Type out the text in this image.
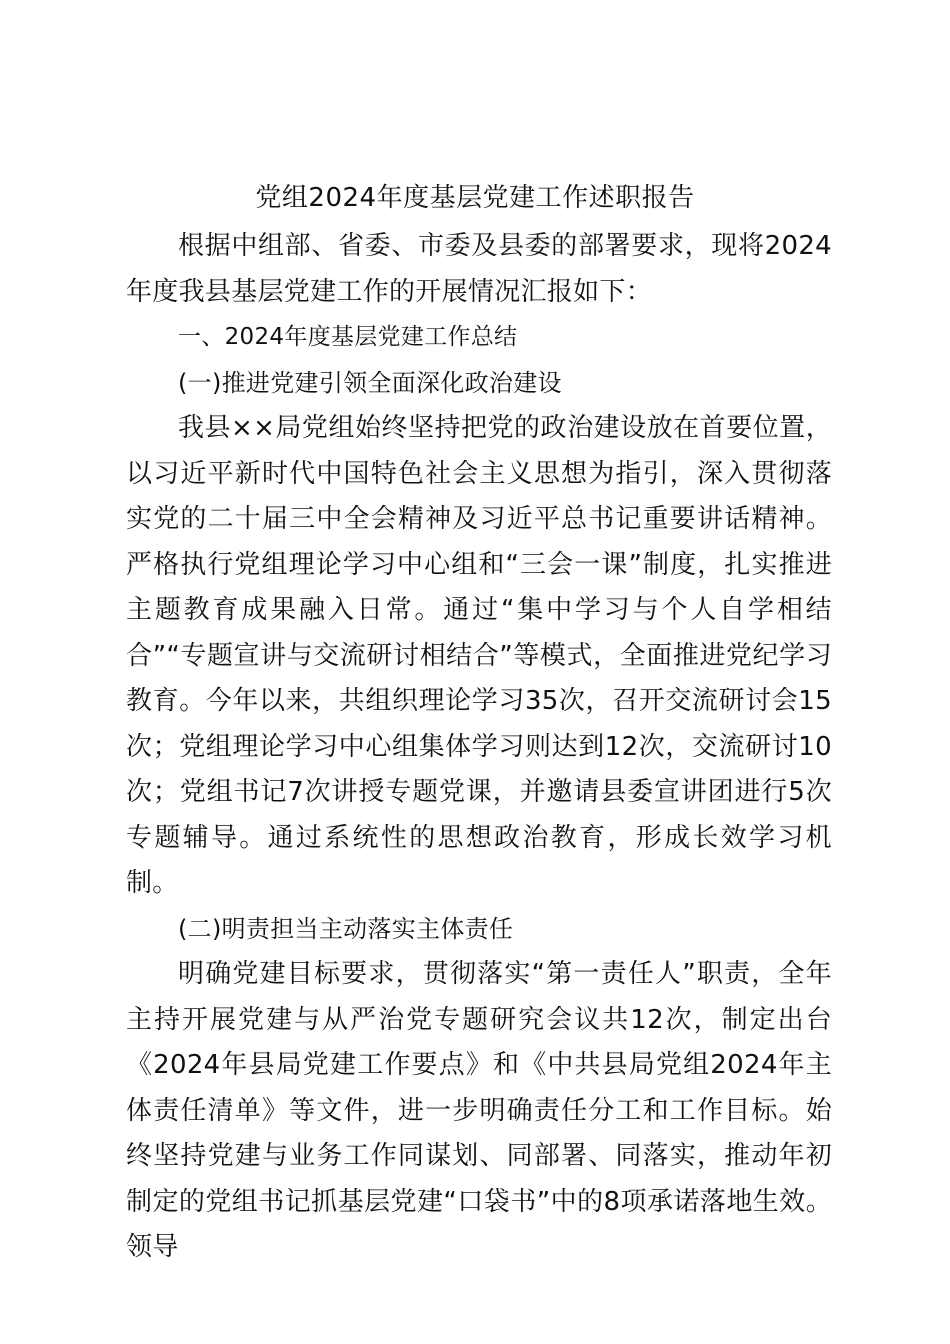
党组2024年度基层党建工作述职报告

根据中组部、省委、市委及县委的部署要求，现将2024年度我县基层党建工作的开展情况汇报如下：

一、2024年度基层党建工作总结

(一)推进党建引领全面深化政治建设

我县××局党组始终坚持把党的政治建设放在首要位置，以习近平新时代中国特色社会主义思想为指引，深入贯彻落实党的二十届三中全会精神及习近平总书记重要讲话精神。严格执行党组理论学习中心组和“三会一课”制度，扎实推进主题教育成果融入日常。通过“集中学习与个人自学相结合”“专题宣讲与交流研讨相结合”等模式，全面推进党纪学习教育。今年以来，共组织理论学习35次，召开交流研讨会15次；党组理论学习中心组集体学习则达到12次，交流研讨10次；党组书记7次讲授专题党课，并邀请县委宣讲团进行5次专题辅导。通过系统性的思想政治教育，形成长效学习机制。

(二)明责担当主动落实主体责任

明确党建目标要求，贯彻落实“第一责任人”职责，全年主持开展党建与从严治党专题研究会议共12次，制定出台《2024年县局党建工作要点》和《中共县局党组2024年主体责任清单》等文件，进一步明确责任分工和工作目标。始终坚持党建与业务工作同谋划、同部署、同落实，推动年初制定的党组书记抓基层党建“口袋书”中的8项承诺落地生效。领导
